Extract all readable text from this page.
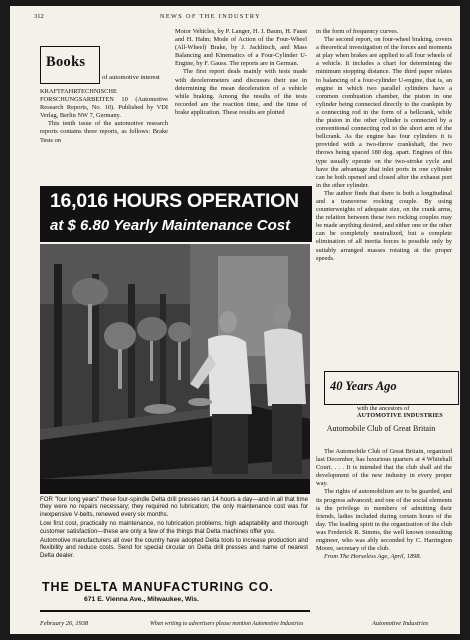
312	NEWS OF THE INDUSTRY
Books
of automotive interest

KRAFTFAHRTECHNISCHE FORSCHUNGSARBEITEN 10 (Automotive Research Reports, No. 10). Published by VDI Verlag, Berlin NW 7, Germany.

This tenth issue of the automotive research reports contains three reports, as follows: Brake Tests on

Motor Vehicles, by P. Langer, H. J. Baum, H. Faust and H. Hahn; Mode of Action of the Four-Wheel (All-Wheel) Brake, by J. Jacklitsch, and Mass Balancing and Kinematics of a Four-Cylinder U-Engine, by F. Gauss. The reports are in German.

The first report deals mainly with tests made with decelerometers and discusses their use in determining the mean deceleration of a vehicle while braking. Among the results of the tests recorded are the reaction time, and the time of brake application. These results are plotted

in the form of frequency curves.

The second report, on four-wheel braking, covers a theoretical investigation of the forces and moments at play when brakes are applied to all four wheels of a vehicle. It includes a chart for determining the minimum stopping distance. The third paper relates to balancing of a four-cylinder U-engine, that is, an engine in which two parallel cylinders have a common combustion chamber, the piston in one cylinder being connected directly to the crankpin by a connecting rod in the form of a bellcrank, while the piston in the other cylinder is connected by a conventional connecting rod to the short arm of the bellcrank. As the engine has four cylinders it is provided with a two-throw crankshaft, the two throws being spaced 180 deg. apart. Engines of this type usually operate on the two-stroke cycle and have the advantage that inlet ports in one cylinder can be both opened and closed after the exhaust port in the other cylinder.

The author finds that there is both a longitudinal and a transverse rocking couple. By using counterweights of adequate size, on the crank arms, the relation between these two rocking couples may be made anything desired, and either one or the other can be completely neutralized, but a complete elimination of all inertia forces is possible only by suitably arranged masses rotating at the proper speeds.

16,016 HOURS OPERATION
at $ 6.80 Yearly Maintenance Cost

FOR "four long years" these four-spindle Delta drill presses ran 14 hours a day—and in all that time they were no repairs necessary; they required no lubrication; the only maintenance cost was for inexpensive V-belts, renewed every six months.

Low first cost, practically no maintenance, no lubrication problems, high adaptability and thorough customer satisfaction—these are only a few of the things that Delta machines offer you.

Automotive manufacturers all over the country have adopted Delta tools to increase production and flexibility and reduce costs. Send for special circular on Delta drill presses and name of nearest Delta dealer.

THE DELTA MANUFACTURING CO.
671 E. Vienna Ave., Milwaukee, Wis.
40 Years Ago
with the ancestors of
AUTOMOTIVE INDUSTRIES
Automobile Club of Great Britain

The Automobile Club of Great Britain, organized last December, has luxurious quarters at 4 Whitehall Court. . . . It is intended that the club shall aid the development of the new industry in every proper way.

The rights of automobilism are to be guarded, and its progress advanced; and one of the social elements is the privilege to members of admitting their friends, ladies included during certain hours of the day. The leading spirit in the organization of the club was Frederick R. Simms, the well known consulting engineer, who was ably seconded by C. Harrington Moore, secretary of the club.

From The Horseless Age, April, 1898.

February 26, 1938	When writing to advertisers please mention Automotive Industries	Automotive Industries
